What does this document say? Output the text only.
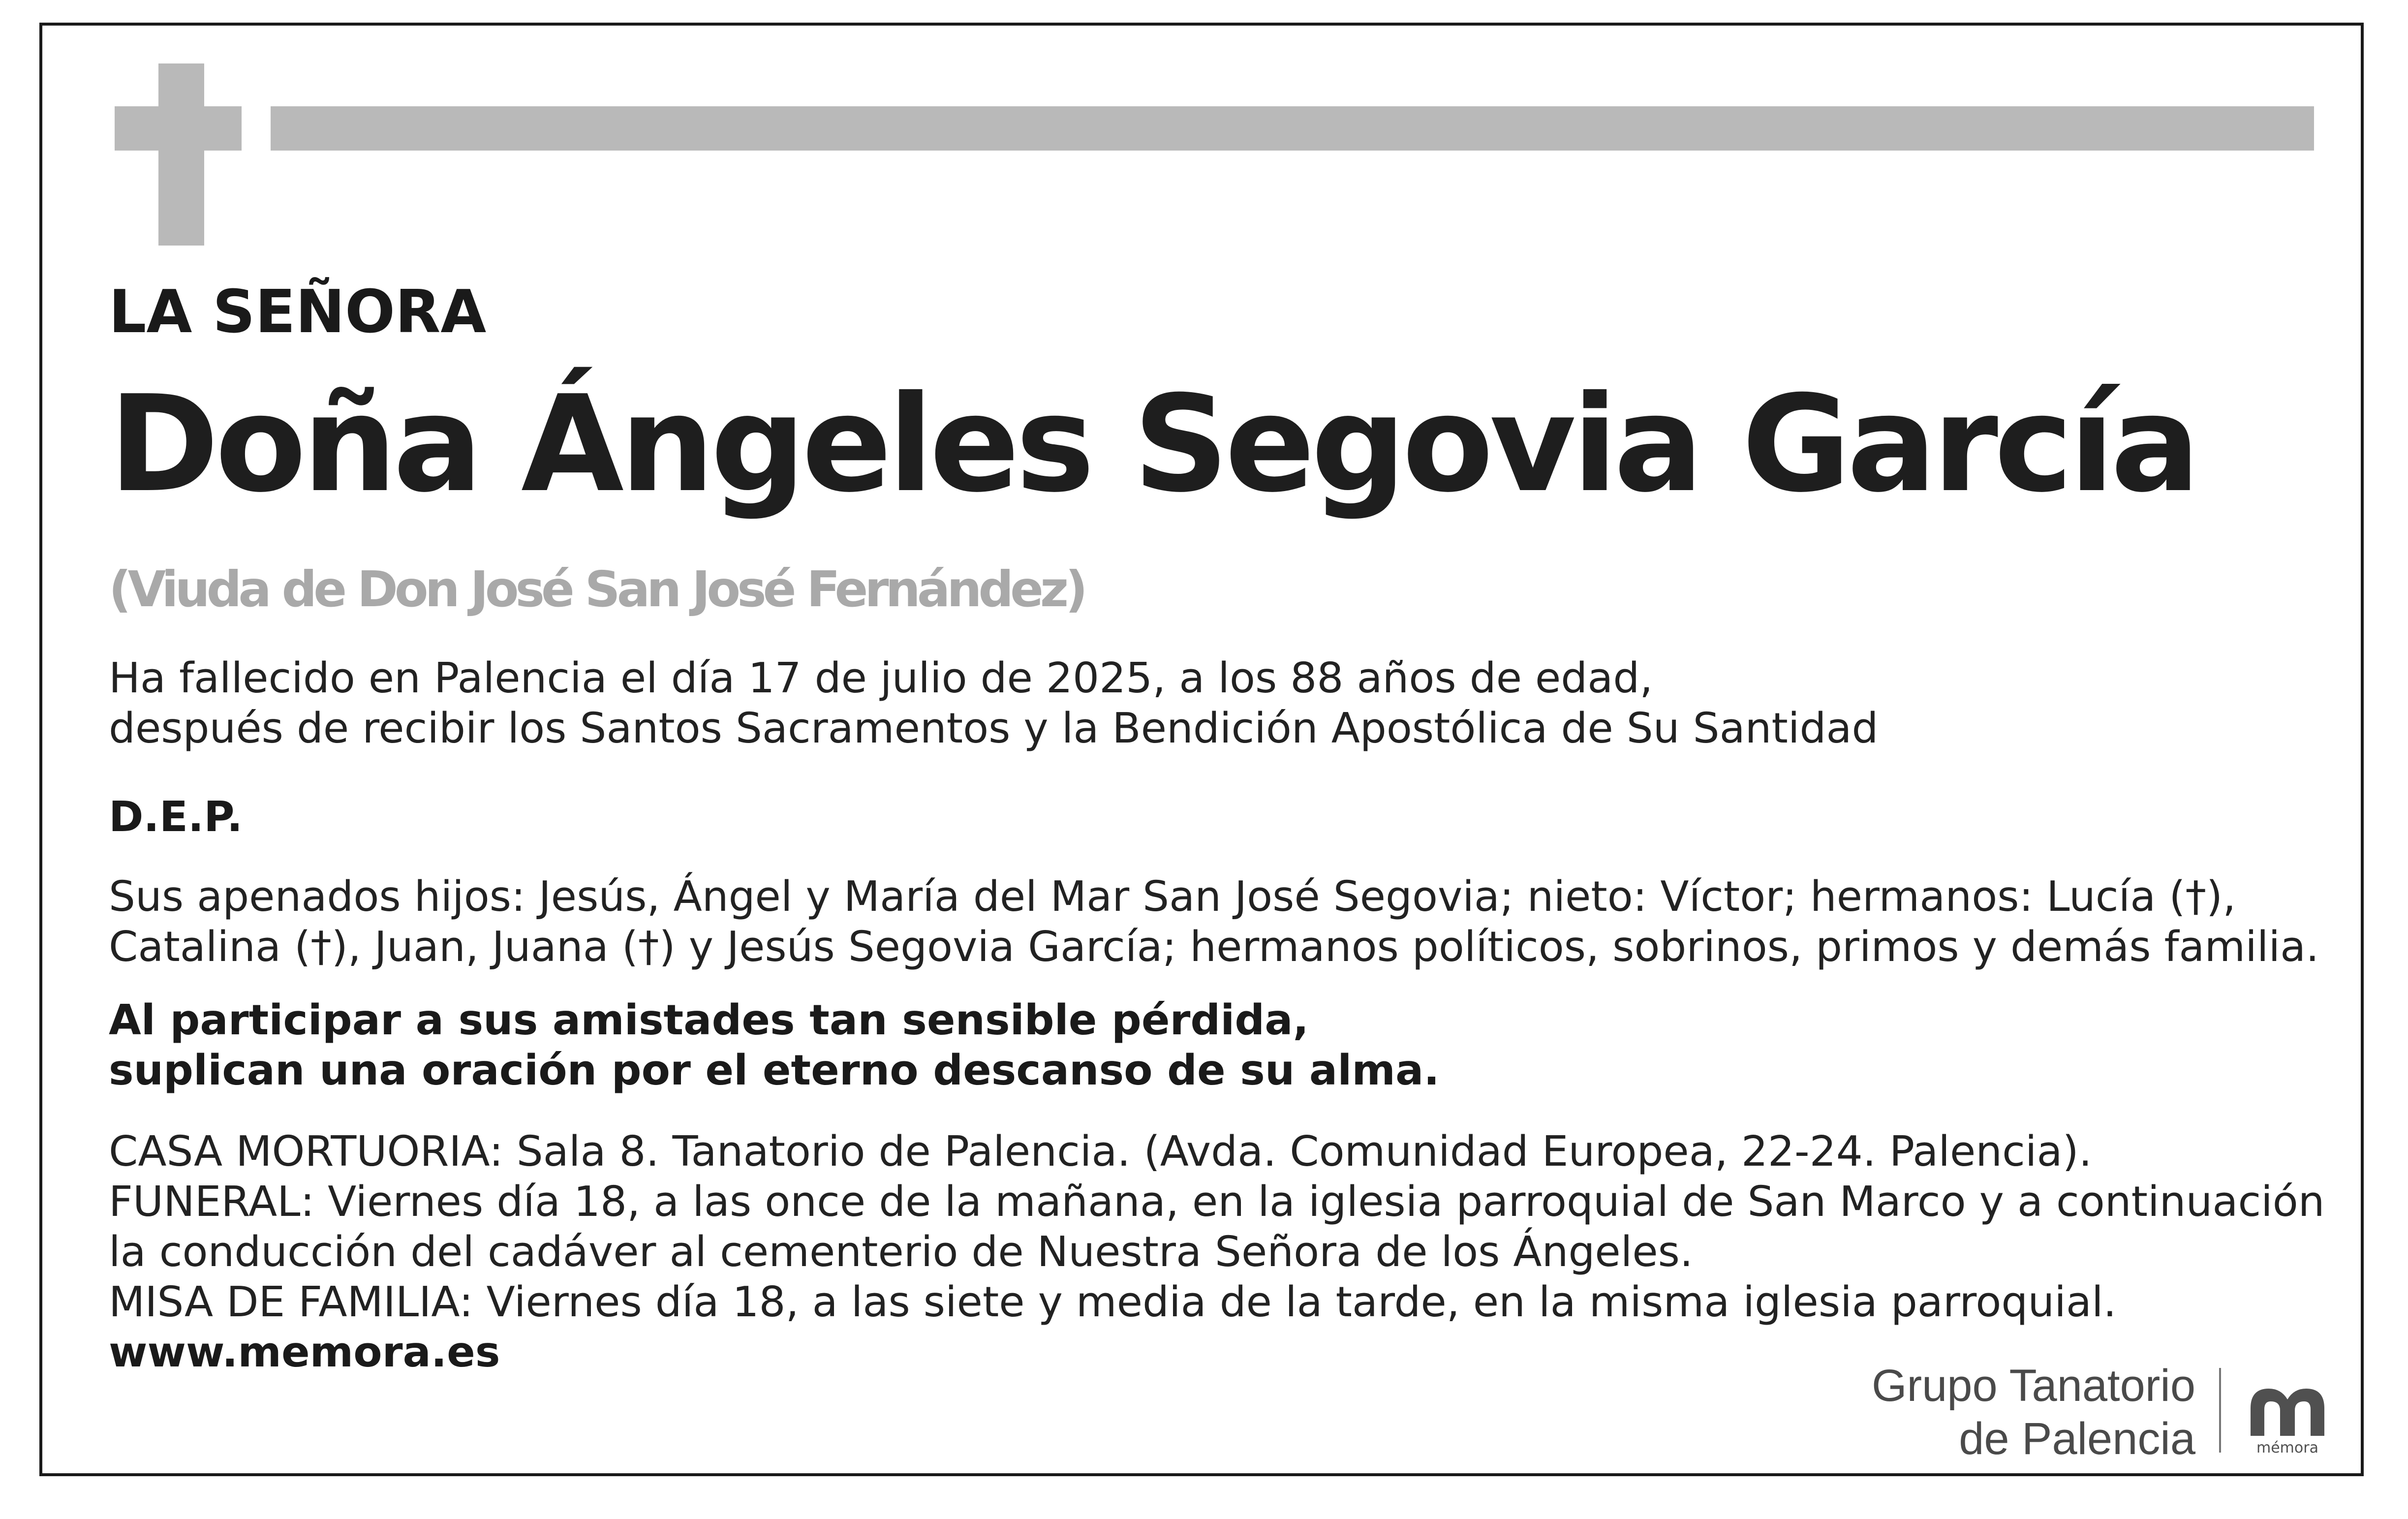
LA SEÑORA

Doña Ángeles Segovia García

(Viuda de Don José San José Fernández)

Ha fallecido en Palencia el día 17 de julio de 2025, a los 88 años de edad,
después de recibir los Santos Sacramentos y la Bendición Apostólica de Su Santidad

D.E.P.

Sus apenados hijos: Jesús, Ángel y María del Mar San José Segovia; nieto: Víctor; hermanos: Lucía (†),
Catalina (†), Juan, Juana (†) y Jesús Segovia García; hermanos políticos, sobrinos, primos y demás familia.
Al participar a sus amistades tan sensible pérdida,
suplican una oración por el eterno descanso de su alma.
CASA MORTUORIA: Sala 8. Tanatorio de Palencia. (Avda. Comunidad Europea, 22-24. Palencia).
FUNERAL: Viernes día 18, a las once de la mañana, en la iglesia parroquial de San Marco y a continuación
la conducción del cadáver al cementerio de Nuestra Señora de los Ángeles.
MISA DE FAMILIA: Viernes día 18, a las siete y media de la tarde, en la misma iglesia parroquial.
www.memora.es
Grupo Tanatorio
de Palencia	mémora
